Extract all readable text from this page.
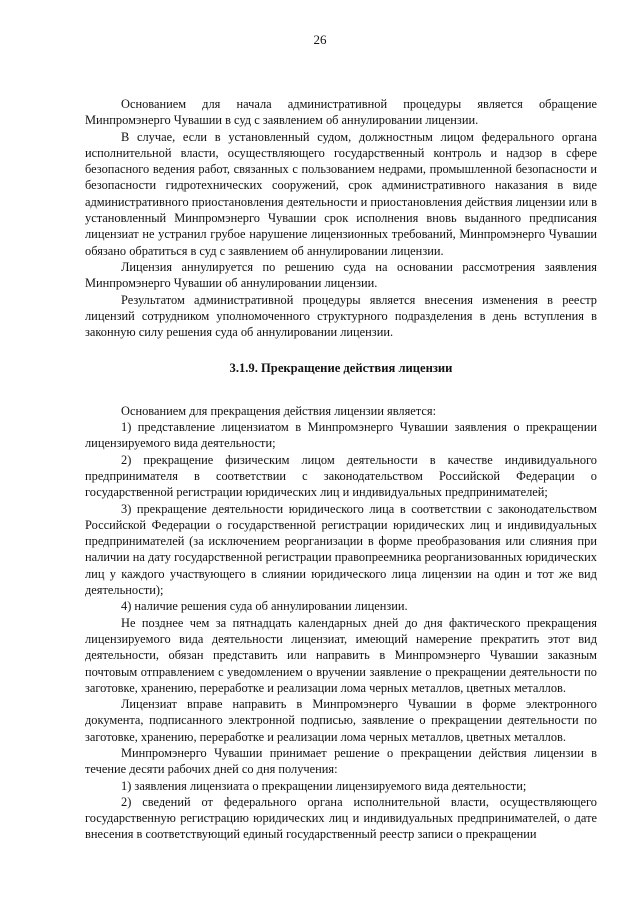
26

Основанием для начала административной процедуры является обращение Минпромэнерго Чувашии в суд с заявлением об аннулировании лицензии.

В случае, если в установленный судом, должностным лицом федерального органа исполнительной власти, осуществляющего государственный контроль и надзор в сфере безопасного ведения работ, связанных с пользованием недрами, промышленной безопасности и безопасности гидротехнических сооружений, срок административного наказания в виде административного приостановления деятельности и приостановления действия лицензии или в установленный Минпромэнерго Чувашии срок исполнения вновь выданного предписания лицензиат не устранил грубое нарушение лицензионных требований, Минпромэнерго Чувашии обязано обратиться в суд с заявлением об аннулировании лицензии.

Лицензия аннулируется по решению суда на основании рассмотрения заявления Минпромэнерго Чувашии об аннулировании лицензии.

Результатом административной процедуры является внесения изменения в реестр лицензий сотрудником уполномоченного структурного подразделения в день вступления в законную силу решения суда об аннулировании лицензии.

3.1.9. Прекращение действия лицензии

Основанием для прекращения действия лицензии является:

1) представление лицензиатом в Минпромэнерго Чувашии заявления о прекращении лицензируемого вида деятельности;

2) прекращение физическим лицом деятельности в качестве индивидуального предпринимателя в соответствии с законодательством Российской Федерации о государственной регистрации юридических лиц и индивидуальных предпринимателей;

3) прекращение деятельности юридического лица в соответствии с законодательством Российской Федерации о государственной регистрации юридических лиц и индивидуальных предпринимателей (за исключением реорганизации в форме преобразования или слияния при наличии на дату государственной регистрации правопреемника реорганизованных юридических лиц у каждого участвующего в слиянии юридического лица лицензии на один и тот же вид деятельности);

4) наличие решения суда об аннулировании лицензии.

Не позднее чем за пятнадцать календарных дней до дня фактического прекращения лицензируемого вида деятельности лицензиат, имеющий намерение прекратить этот вид деятельности, обязан представить или направить в Минпромэнерго Чувашии заказным почтовым отправлением с уведомлением о вручении заявление о прекращении деятельности по заготовке, хранению, переработке и реализации лома черных металлов, цветных металлов.

Лицензиат вправе направить в Минпромэнерго Чувашии в форме электронного документа, подписанного электронной подписью, заявление о прекращении деятельности по заготовке, хранению, переработке и реализации лома черных металлов, цветных металлов.

Минпромэнерго Чувашии принимает решение о прекращении действия лицензии в течение десяти рабочих дней со дня получения:

1) заявления лицензиата о прекращении лицензируемого вида деятельности;

2) сведений от федерального органа исполнительной власти, осуществляющего государственную регистрацию юридических лиц и индивидуальных предпринимателей, о дате внесения в соответствующий единый государственный реестр записи о прекращении
